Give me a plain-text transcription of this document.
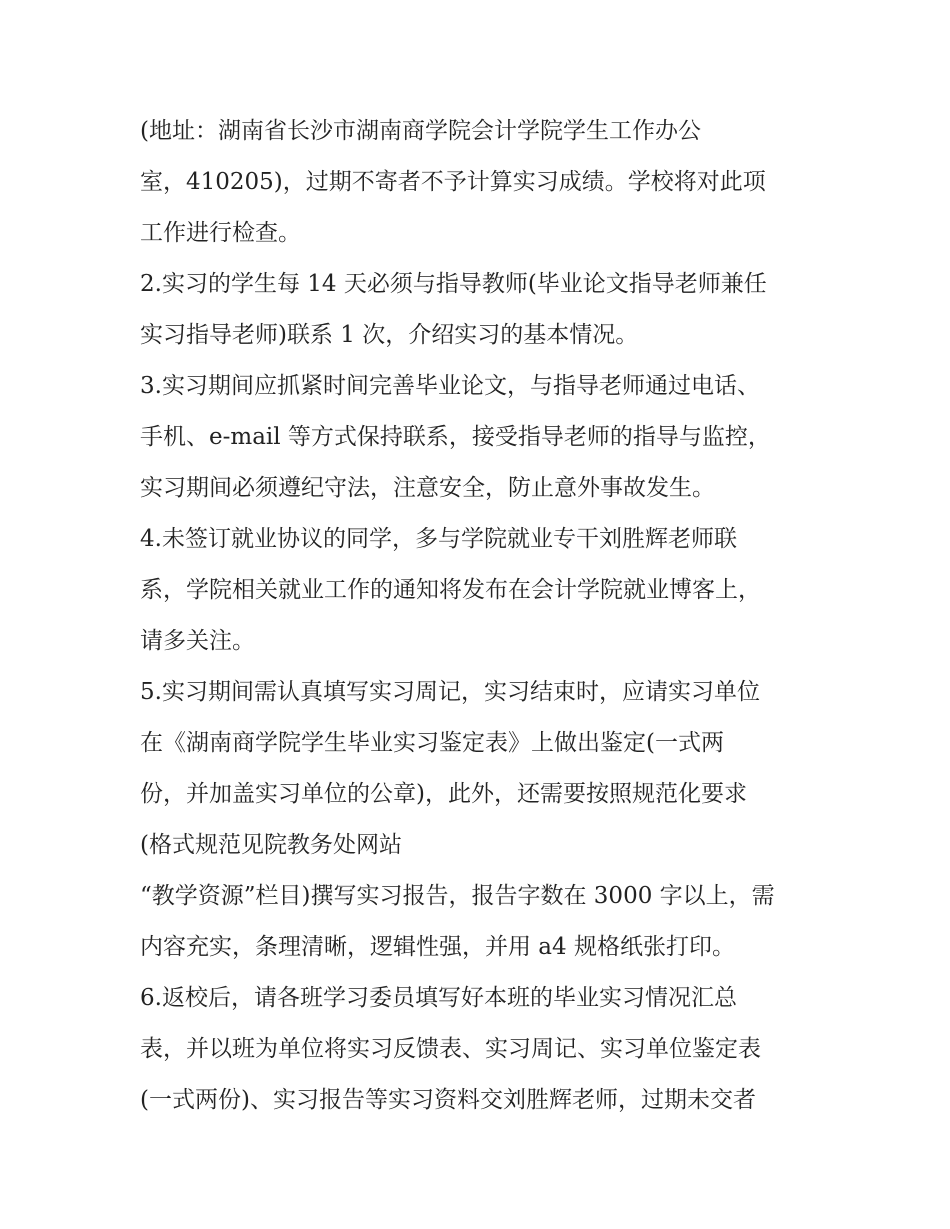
(地址：湖南省长沙市湖南商学院会计学院学生工作办公
室，410205)，过期不寄者不予计算实习成绩。学校将对此项
工作进行检查。
2.实习的学生每 14 天必须与指导教师(毕业论文指导老师兼任
实习指导老师)联系 1 次，介绍实习的基本情况。
3.实习期间应抓紧时间完善毕业论文，与指导老师通过电话、
手机、e-mail 等方式保持联系，接受指导老师的指导与监控，
实习期间必须遵纪守法，注意安全，防止意外事故发生。
4.未签订就业协议的同学，多与学院就业专干刘胜辉老师联
系，学院相关就业工作的通知将发布在会计学院就业博客上，
请多关注。
5.实习期间需认真填写实习周记，实习结束时，应请实习单位
在《湖南商学院学生毕业实习鉴定表》上做出鉴定(一式两
份，并加盖实习单位的公章)，此外，还需要按照规范化要求
(格式规范见院教务处网站
“教学资源”栏目)撰写实习报告，报告字数在 3000 字以上，需
内容充实，条理清晰，逻辑性强，并用 a4 规格纸张打印。
6.返校后，请各班学习委员填写好本班的毕业实习情况汇总
表，并以班为单位将实习反馈表、实习周记、实习单位鉴定表
(一式两份)、实习报告等实习资料交刘胜辉老师，过期未交者
